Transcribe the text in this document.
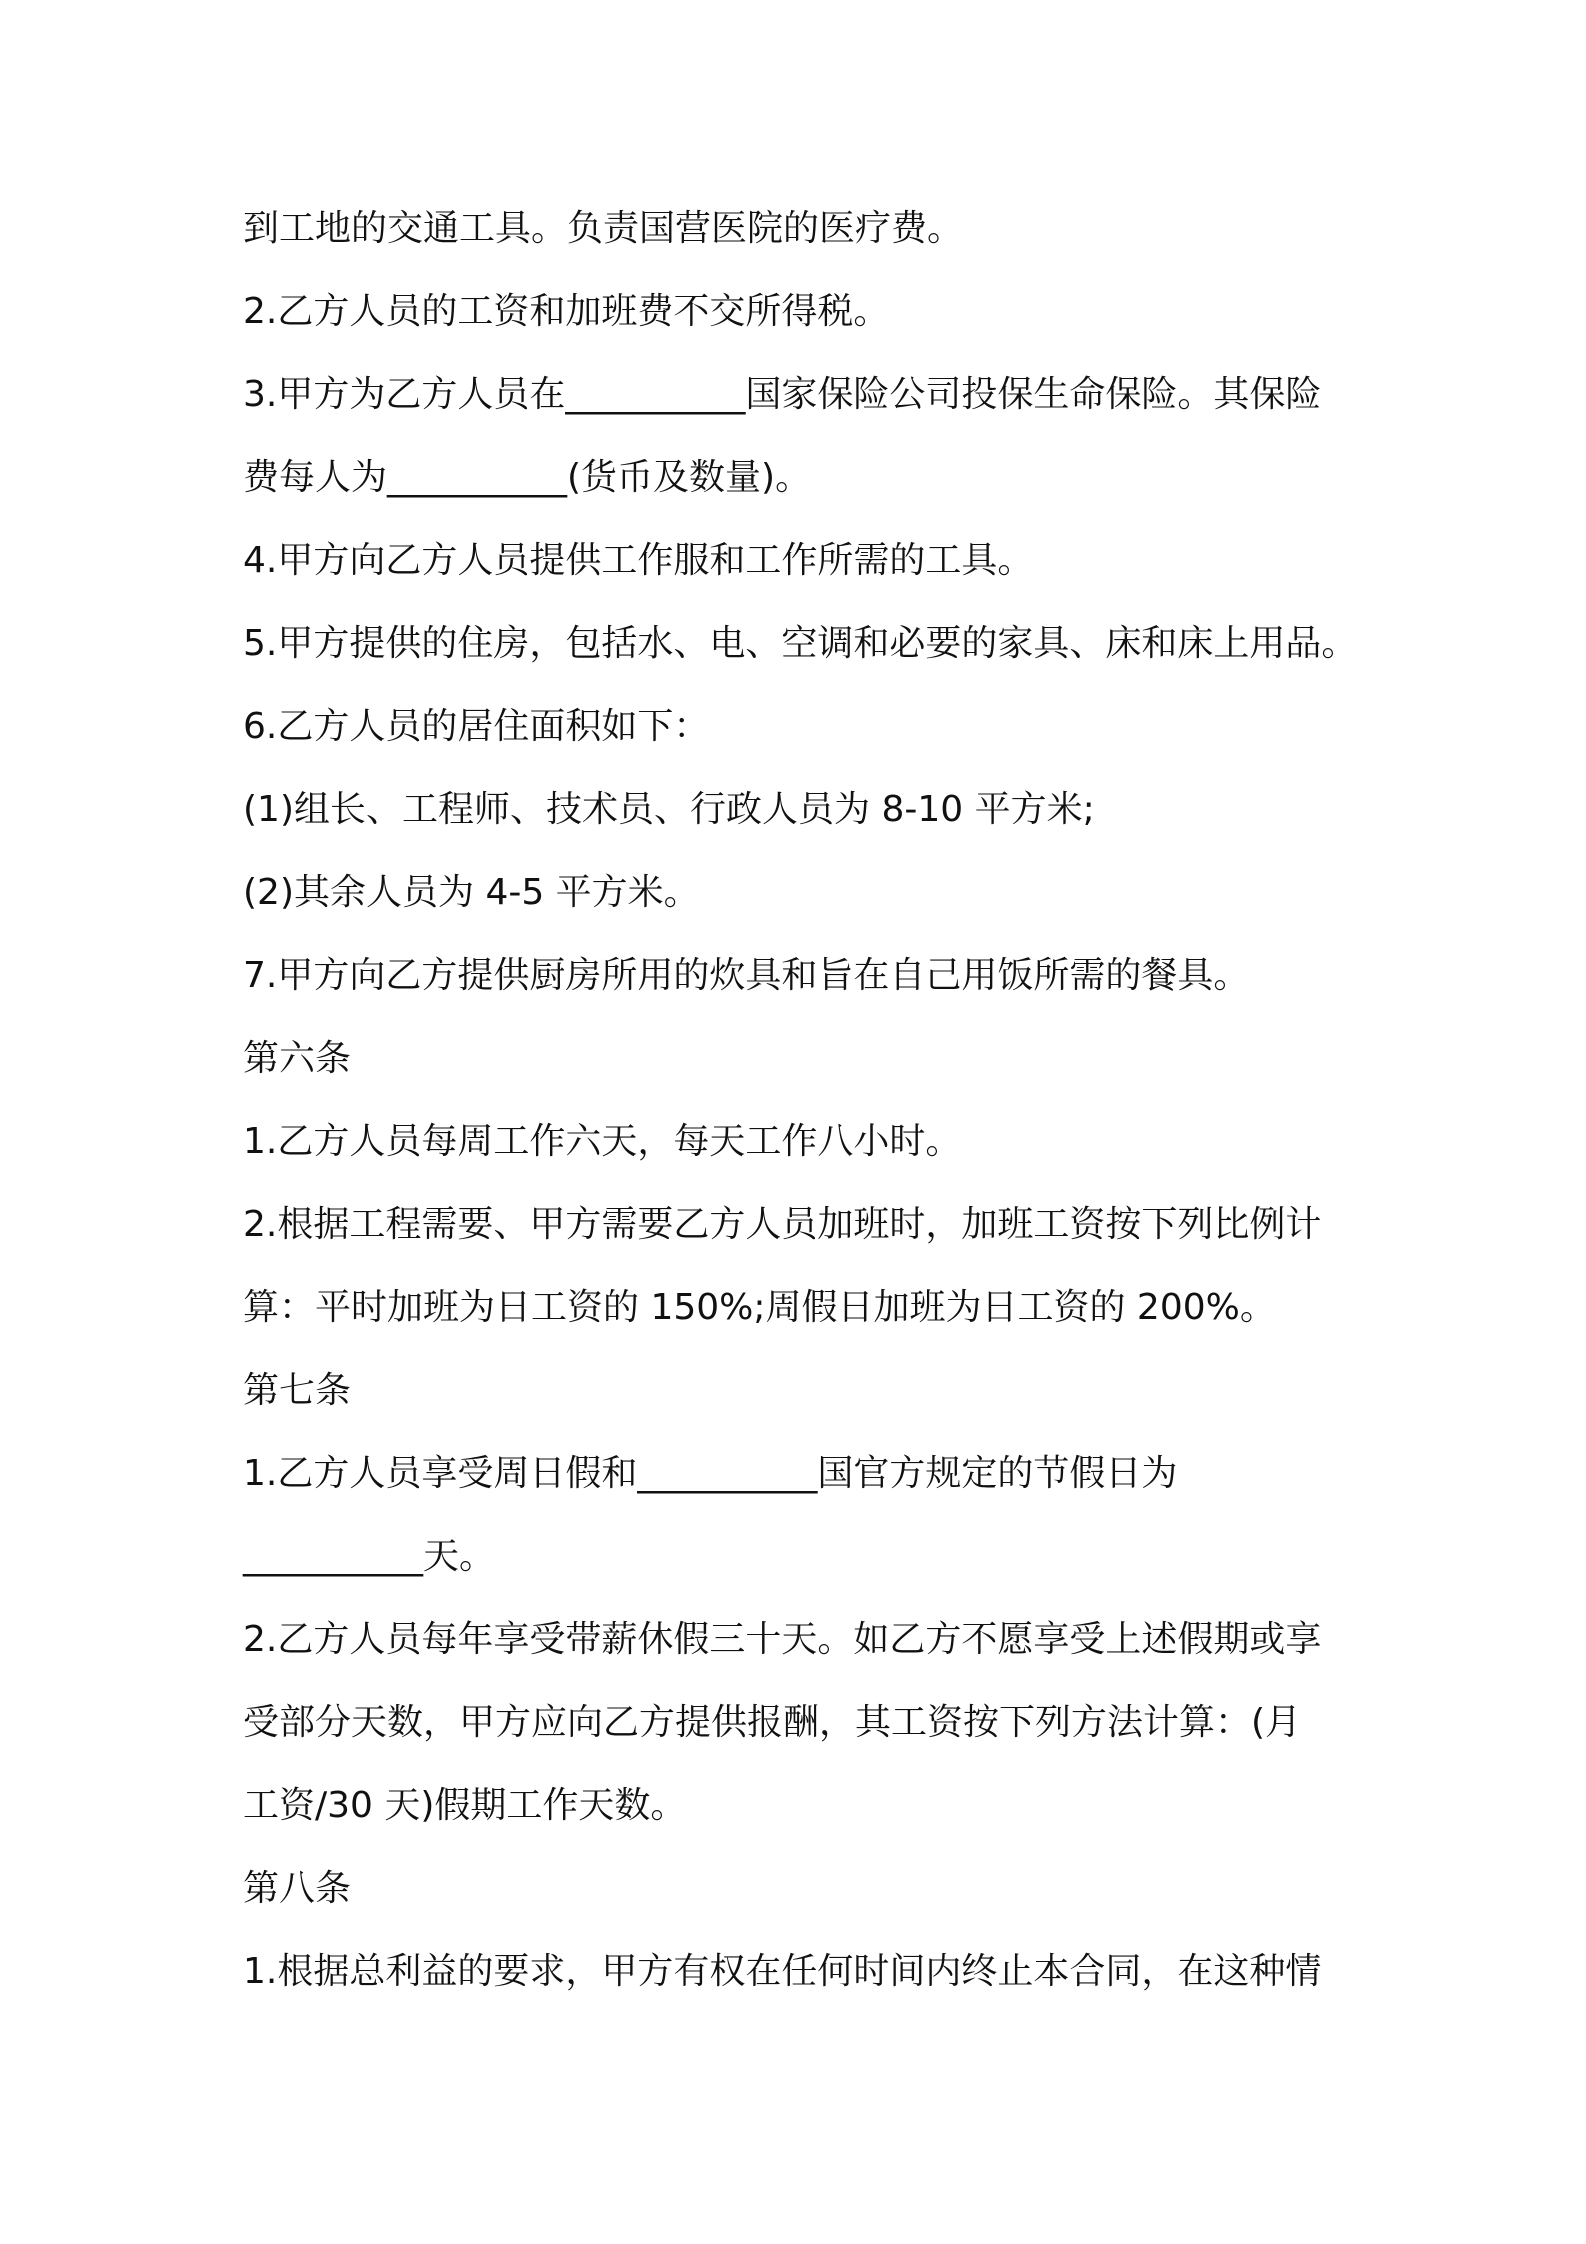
到工地的交通工具。负责国营医院的医疗费。
2.乙方人员的工资和加班费不交所得税。
3.甲方为乙方人员在__________国家保险公司投保生命保险。其保险
费每人为__________(货币及数量)。
4.甲方向乙方人员提供工作服和工作所需的工具。
5.甲方提供的住房，包括水、电、空调和必要的家具、床和床上用品。
6.乙方人员的居住面积如下：
(1)组长、工程师、技术员、行政人员为 8-10 平方米;
(2)其余人员为 4-5 平方米。
7.甲方向乙方提供厨房所用的炊具和旨在自己用饭所需的餐具。
第六条
1.乙方人员每周工作六天，每天工作八小时。
2.根据工程需要、甲方需要乙方人员加班时，加班工资按下列比例计
算：平时加班为日工资的 150%;周假日加班为日工资的 200%。
第七条
1.乙方人员享受周日假和__________国官方规定的节假日为
__________天。
2.乙方人员每年享受带薪休假三十天。如乙方不愿享受上述假期或享
受部分天数，甲方应向乙方提供报酬，其工资按下列方法计算：(月
工资/30 天)假期工作天数。
第八条
1.根据总利益的要求，甲方有权在任何时间内终止本合同，在这种情
